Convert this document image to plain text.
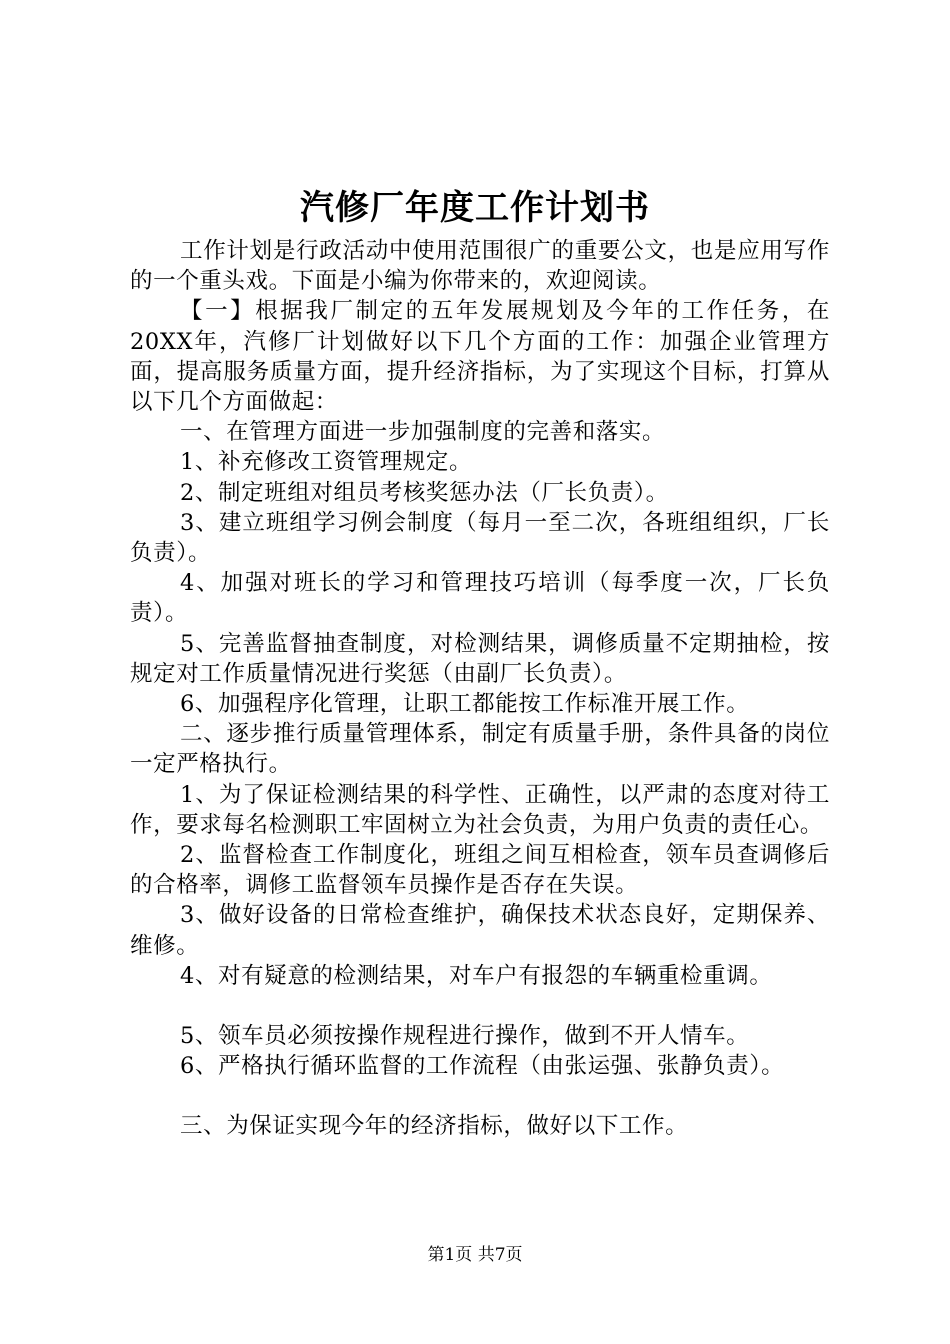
汽修厂年度工作计划书

工作计划是行政活动中使用范围很广的重要公文，也是应用写作的一个重头戏。下面是小编为你带来的，欢迎阅读。

【一】根据我厂制定的五年发展规划及今年的工作任务，在20XX年，汽修厂计划做好以下几个方面的工作：加强企业管理方面，提高服务质量方面，提升经济指标，为了实现这个目标，打算从以下几个方面做起：

一、在管理方面进一步加强制度的完善和落实。

1、补充修改工资管理规定。

2、制定班组对组员考核奖惩办法（厂长负责）。

3、建立班组学习例会制度（每月一至二次，各班组组织，厂长负责）。

4、加强对班长的学习和管理技巧培训（每季度一次，厂长负责）。

5、完善监督抽查制度，对检测结果，调修质量不定期抽检，按规定对工作质量情况进行奖惩（由副厂长负责）。

6、加强程序化管理，让职工都能按工作标准开展工作。

二、逐步推行质量管理体系，制定有质量手册，条件具备的岗位一定严格执行。

1、为了保证检测结果的科学性、正确性，以严肃的态度对待工作，要求每名检测职工牢固树立为社会负责，为用户负责的责任心。

2、监督检查工作制度化，班组之间互相检查，领车员查调修后的合格率，调修工监督领车员操作是否存在失误。

3、做好设备的日常检查维护，确保技术状态良好，定期保养、维修。

4、对有疑意的检测结果，对车户有报怨的车辆重检重调。

5、领车员必须按操作规程进行操作，做到不开人情车。

6、严格执行循环监督的工作流程（由张运强、张静负责）。

三、为保证实现今年的经济指标，做好以下工作。

第1页 共7页
